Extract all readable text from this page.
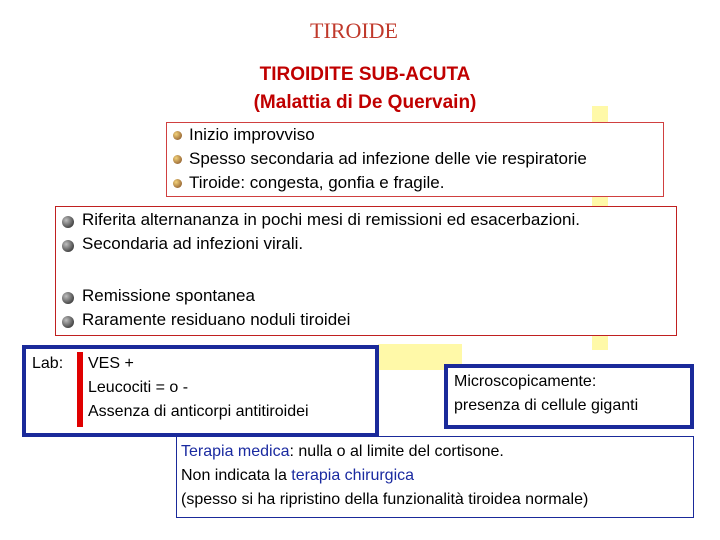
TIROIDE
TIROIDITE SUB-ACUTA
(Malattia di De Quervain)
Inizio improvviso
Spesso secondaria ad infezione delle vie respiratorie
Tiroide: congesta, gonfia e fragile.
Riferita alternananza in pochi mesi di remissioni ed esacerbazioni.
Secondaria ad infezioni virali.
Remissione spontanea
Raramente residuano noduli tiroidei
Lab: VES +
Leucociti = o -
Assenza di anticorpi antitiroidei
Microscopicamente:
presenza di cellule giganti
Terapia medica: nulla o al limite del cortisone.
Non indicata la terapia chirurgica
(spesso si ha ripristino della funzionalità tiroidea normale)
